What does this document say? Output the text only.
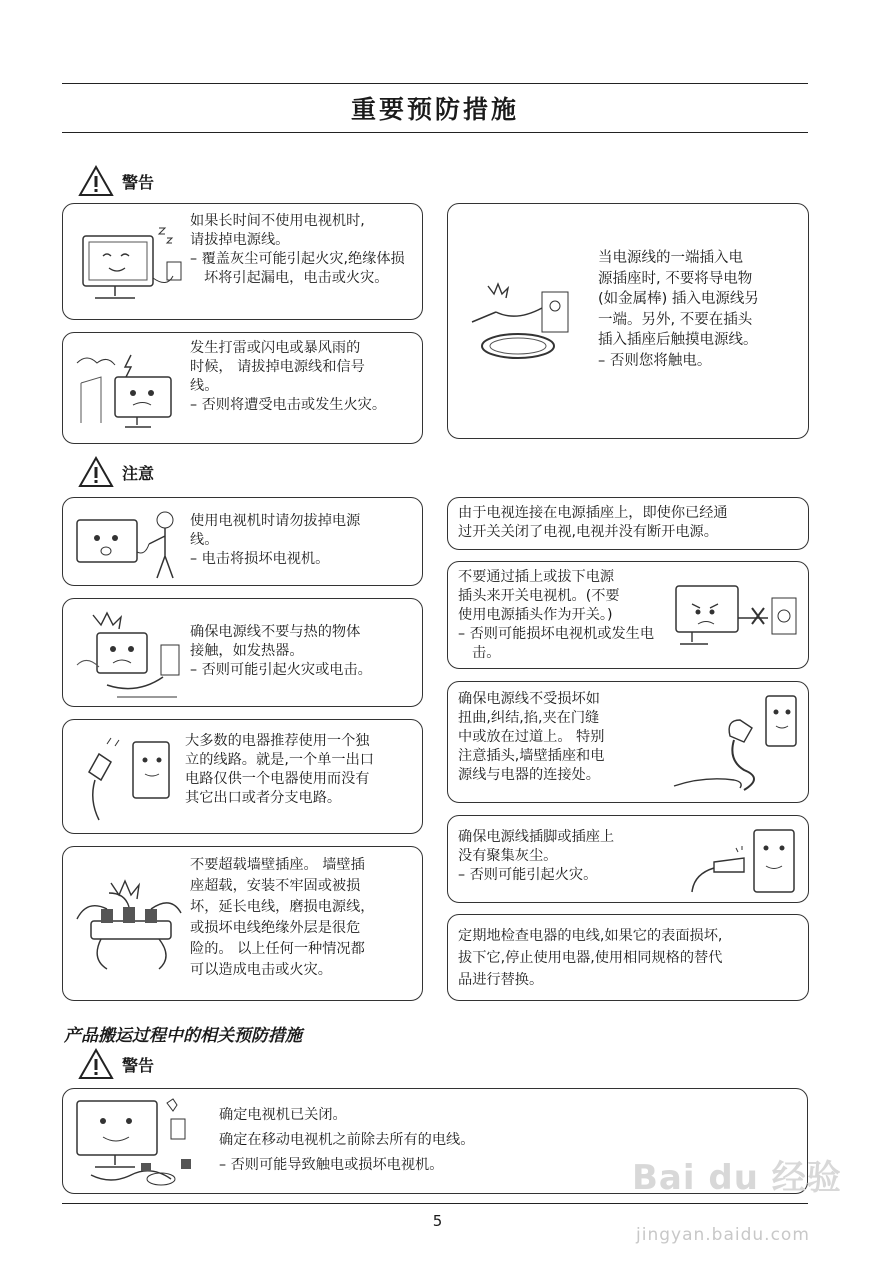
重要预防措施
警告

如果长时间不使用电视机时,

请拔掉电源线。

– 覆盖灰尘可能引起火灾,绝缘体损坏将引起漏电，电击或火灾。

发生打雷或闪电或暴风雨的

时候， 请拔掉电源线和信号

线。

– 否则将遭受电击或发生火灾。

当电源线的一端插入电

源插座时, 不要将导电物

(如金属棒) 插入电源线另

一端。另外, 不要在插头

插入插座后触摸电源线。

– 否则您将触电。

注意

使用电视机时请勿拔掉电源

线。

– 电击将损坏电视机。

确保电源线不要与热的物体

接触，如发热器。

– 否则可能引起火灾或电击。

大多数的电器推荐使用一个独

立的线路。就是,一个单一出口

电路仅供一个电器使用而没有

其它出口或者分支电路。

不要超载墙壁插座。 墙壁插

座超载，安装不牢固或被损

坏，延长电线，磨损电源线，

或损坏电线绝缘外层是很危

险的。 以上任何一种情况都

可以造成电击或火灾。

由于电视连接在电源插座上，即使你已经通

过开关关闭了电视,电视并没有断开电源。

不要通过插上或拔下电源

插头来开关电视机。(不要

使用电源插头作为开关。)

– 否则可能损坏电视机或发生电击。

确保电源线不受损坏如

扭曲,纠结,掐,夹在门缝

中或放在过道上。 特别

注意插头,墙壁插座和电

源线与电器的连接处。

确保电源线插脚或插座上

没有聚集灰尘。

– 否则可能引起火灾。

定期地检查电器的电线,如果它的表面损坏,

拔下它,停止使用电器,使用相同规格的替代

品进行替换。

产品搬运过程中的相关预防措施
警告

确定电视机已关闭。

确定在移动电视机之前除去所有的电线。

– 否则可能导致触电或损坏电视机。

5
Bai du 经验
jingyan.baidu.com
